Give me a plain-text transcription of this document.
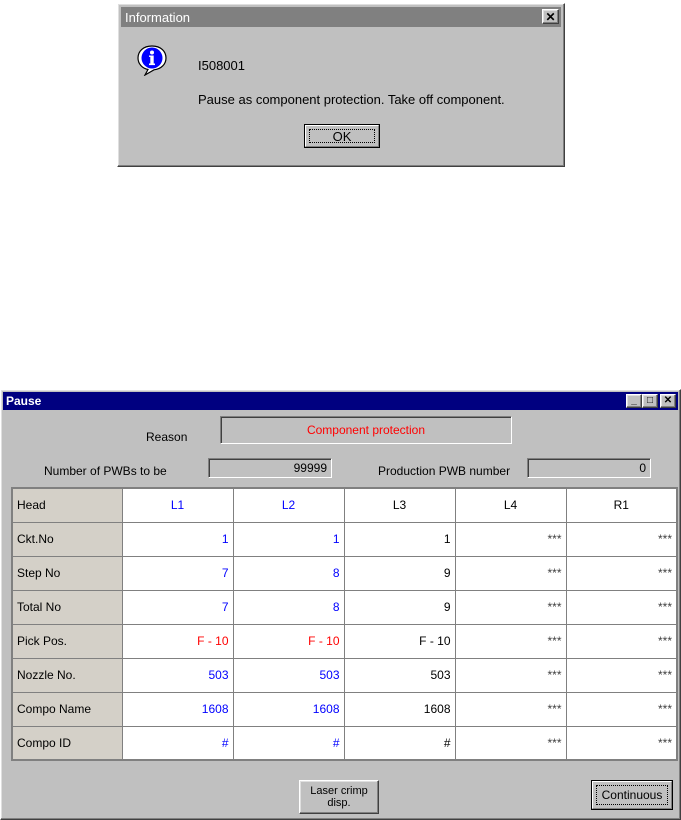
Information	✕
I508001
Pause as component protection. Take off component.
OK
Pause	_	□	✕
Reason	Component protection
Number of PWBs to be	99999	Production PWB number	0
Head	L1	L2	L3	L4	R1
Ckt.No	1	1	1	***	***
Step No	7	8	9	***	***
Total No	7	8	9	***	***
Pick Pos.	F - 10	F - 10	F - 10	***	***
Nozzle No.	503	503	503	***	***
Compo Name	1608	1608	1608	***	***
Compo ID	#	#	#	***	***
Laser crimp
disp.
Continuous
